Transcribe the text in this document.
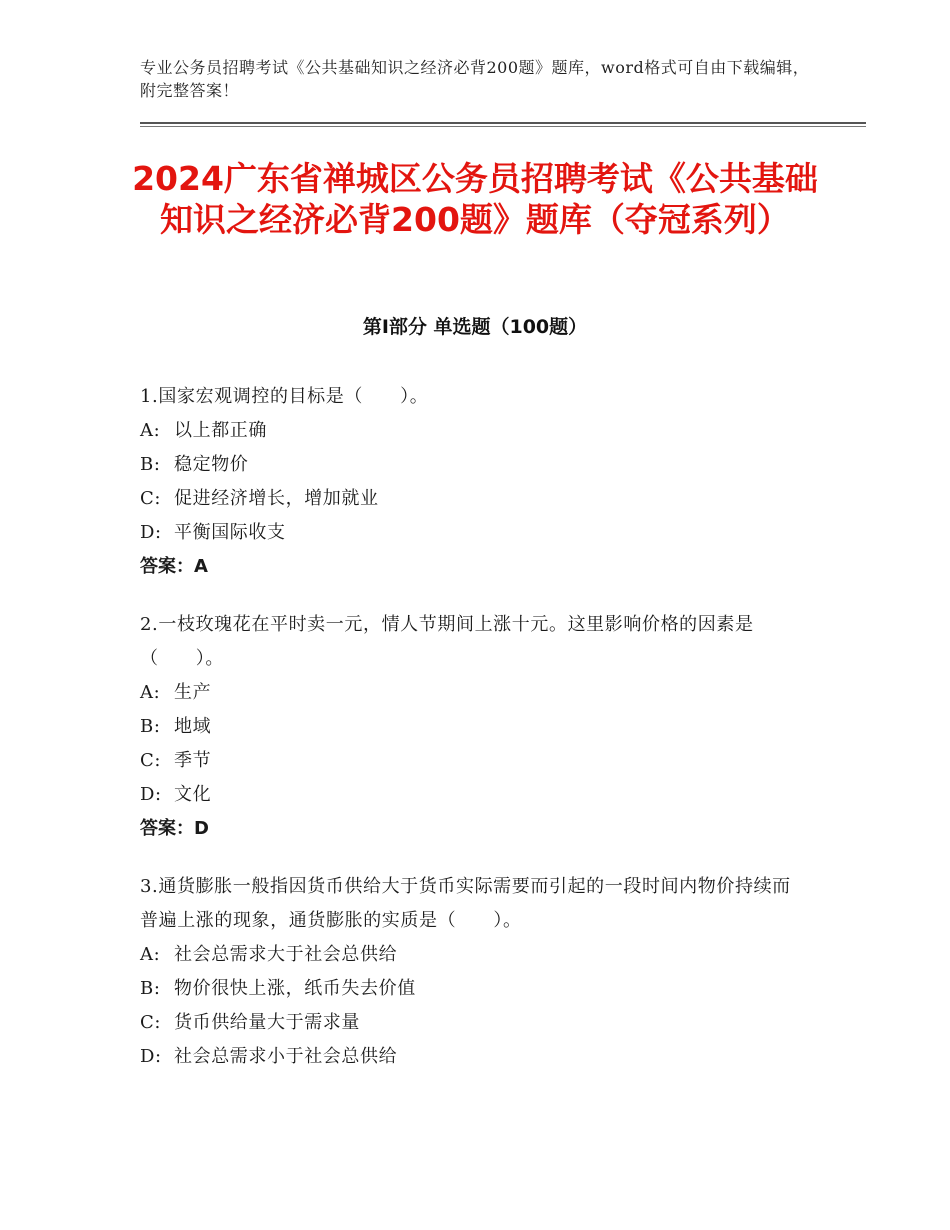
专业公务员招聘考试《公共基础知识之经济必背200题》题库，word格式可自由下载编辑，附完整答案！
2024广东省禅城区公务员招聘考试《公共基础知识之经济必背200题》题库（夺冠系列）
第Ⅰ部分 单选题（100题）

1.国家宏观调控的目标是（　　）。

A: 以上都正确

B: 稳定物价

C: 促进经济增长，增加就业

D: 平衡国际收支

答案：A

2.一枝玫瑰花在平时卖一元，情人节期间上涨十元。这里影响价格的因素是（　　）。

A: 生产

B: 地域

C: 季节

D: 文化

答案：D

3.通货膨胀一般指因货币供给大于货币实际需要而引起的一段时间内物价持续而普遍上涨的现象，通货膨胀的实质是（　　）。

A: 社会总需求大于社会总供给

B: 物价很快上涨，纸币失去价值

C: 货币供给量大于需求量

D: 社会总需求小于社会总供给
